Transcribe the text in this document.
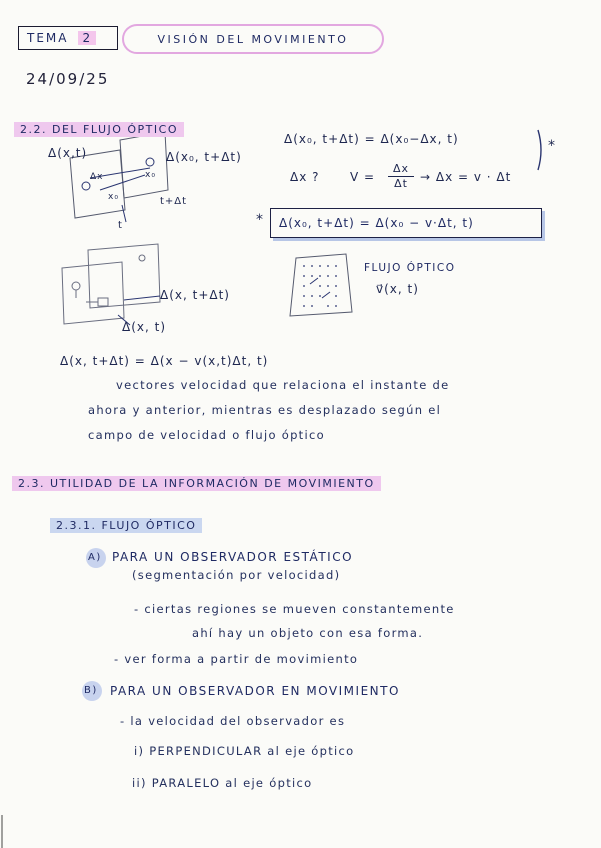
TEMA	2	VISIÓN DEL MOVIMIENTO
24/09/25
2.2. DEL FLUJO ÓPTICO
Δ(x,t)	Δ(x₀, t+Δt)
Δx	x₀
x₀	t+Δt
t
Δ(x₀, t+Δt) = Δ(x₀−Δx, t)	*
Δx ?	$V = \frac{\Delta x}{\Delta t} \to \Delta x = v \cdot \Delta t$
*	Δ(x₀, t+Δt) = Δ(x₀ − v·Δt, t)
Δ(x, t+Δt)
Δ(x, t)
FLUJO ÓPTICO
v⃗(x, t)
Δ(x, t+Δt) = Δ(x − v(x,t)Δt, t)
vectores velocidad que relaciona el instante de
ahora y anterior, mientras es desplazado según el
campo de velocidad o flujo óptico
2.3. UTILIDAD DE LA INFORMACIÓN DE MOVIMIENTO
2.3.1. FLUJO ÓPTICO
A) PARA UN OBSERVADOR ESTÁTICO
(segmentación por velocidad)
- ciertas regiones se mueven constantemente
ahí hay un objeto con esa forma.
- ver forma a partir de movimiento
B) PARA UN OBSERVADOR EN MOVIMIENTO
- la velocidad del observador es
i) PERPENDICULAR al eje óptico
ii) PARALELO al eje óptico
